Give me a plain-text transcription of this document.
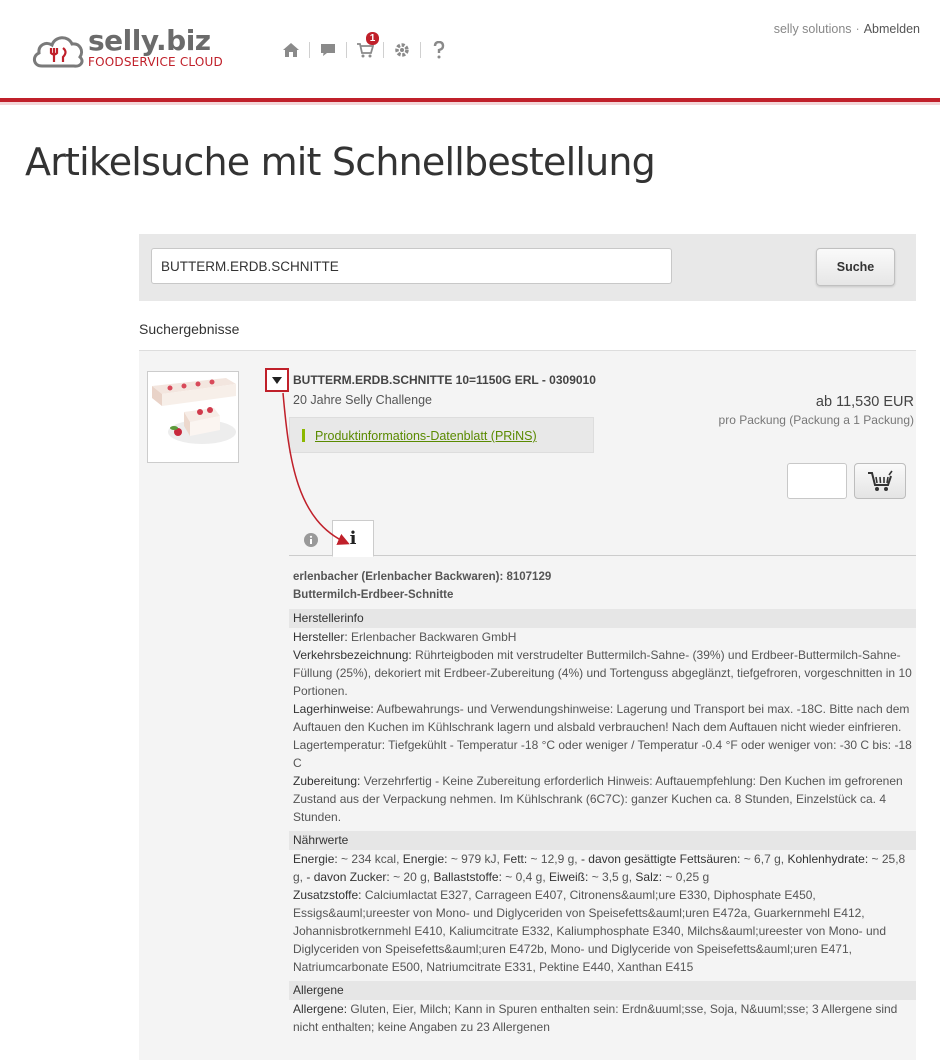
selly.biz
FOODSERVICE CLOUD
1
selly solutions · Abmelden
Artikelsuche mit Schnellbestellung
BUTTERM.ERDB.SCHNITTE
Suche
Suchergebnisse
BUTTERM.ERDB.SCHNITTE 10=1150G ERL - 0309010
20 Jahre Selly Challenge
Produktinformations-Datenblatt (PRiNS)
ab 11,530 EUR
pro Packung (Packung a 1 Packung)
i
erlenbacher (Erlenbacher Backwaren): 8107129
Buttermilch-Erdbeer-Schnitte
Herstellerinfo
Hersteller: Erlenbacher Backwaren GmbH
Verkehrsbezeichnung: Rührteigboden mit verstrudelter Buttermilch-Sahne- (39%) und Erdbeer-Buttermilch-Sahne-Füllung (25%), dekoriert mit Erdbeer-Zubereitung (4%) und Tortenguss abgeglänzt, tiefgefroren, vorgeschnitten in 10 Portionen.
Lagerhinweise: Aufbewahrungs- und Verwendungshinweise: Lagerung und Transport bei max. -18C. Bitte nach dem Auftauen den Kuchen im Kühlschrank lagern und alsbald verbrauchen! Nach dem Auftauen nicht wieder einfrieren. Lagertemperatur: Tiefgekühlt - Temperatur -18 °C oder weniger / Temperatur -0.4 °F oder weniger von: -30 C bis: -18 C
Zubereitung: Verzehrfertig - Keine Zubereitung erforderlich Hinweis: Auftauempfehlung: Den Kuchen im gefrorenen Zustand aus der Verpackung nehmen. Im Kühlschrank (6C7C): ganzer Kuchen ca. 8 Stunden, Einzelstück ca. 4 Stunden.
Nährwerte
Energie: ~ 234 kcal, Energie: ~ 979 kJ, Fett: ~ 12,9 g, - davon gesättigte Fettsäuren: ~ 6,7 g, Kohlenhydrate: ~ 25,8 g, - davon Zucker: ~ 20 g, Ballaststoffe: ~ 0,4 g, Eiweiß: ~ 3,5 g, Salz: ~ 0,25 g
Zusatzstoffe: Calciumlactat E327, Carrageen E407, Citronens&auml;ure E330, Diphosphate E450, Essigs&auml;ureester von Mono- und Diglyceriden von Speisefetts&auml;uren E472a, Guarkernmehl E412, Johannisbrotkernmehl E410, Kaliumcitrate E332, Kaliumphosphate E340, Milchs&auml;ureester von Mono- und Diglyceriden von Speisefetts&auml;uren E472b, Mono- und Diglyceride von Speisefetts&auml;uren E471, Natriumcarbonate E500, Natriumcitrate E331, Pektine E440, Xanthan E415
Allergene
Allergene: Gluten, Eier, Milch; Kann in Spuren enthalten sein: Erdn&uuml;sse, Soja, N&uuml;sse; 3 Allergene sind nicht enthalten; keine Angaben zu 23 Allergenen
